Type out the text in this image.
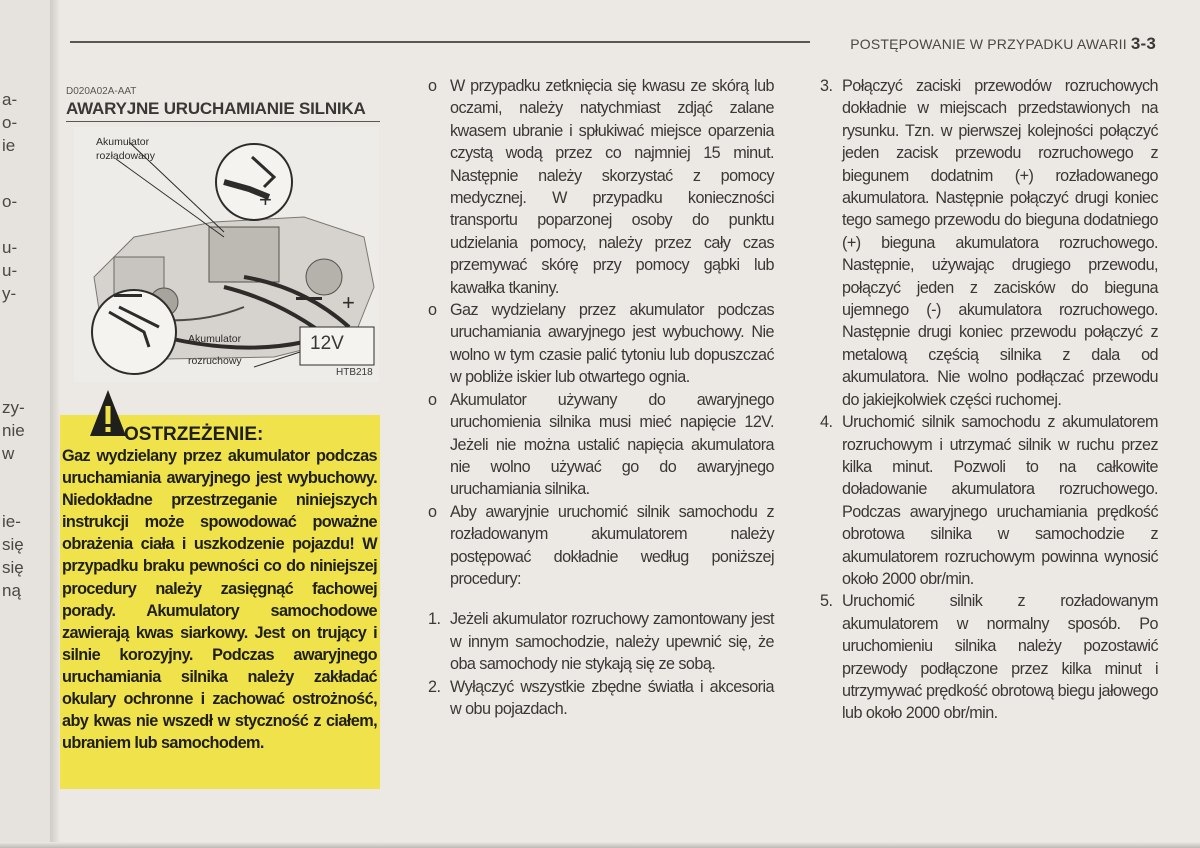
a-
o-
ie
o-
u-
u-
y-
zy-
nie
w
ie-
się
się
ną
POSTĘPOWANIE W PRZYPADKU AWARII 3-3
D020A02A-AAT
AWARYJNE URUCHAMIANIE SILNIKA
+
+
Akumulator
rozładowany
Akumulator
rozruchowy
12V
HTB218
OSTRZEŻENIE:
Gaz wydzielany przez akumulator podczas uruchamiania awaryjnego jest wybuchowy. Niedokładne przestrzeganie niniejszych instrukcji może spowodować poważne obrażenia ciała i uszkodzenie pojazdu! W przypadku braku pewności co do niniejszej procedury należy zasięgnąć fachowej porady. Akumulatory samochodowe zawierają kwas siarkowy. Jest on trujący i silnie korozyjny. Podczas awaryjnego uruchamiania silnika należy zakładać okulary ochronne i zachować ostrożność, aby kwas nie wszedł w styczność z ciałem, ubraniem lub samochodem.
o W przypadku zetknięcia się kwasu ze skórą lub oczami, należy natychmiast zdjąć zalane kwasem ubranie i spłukiwać miejsce oparzenia czystą wodą przez co najmniej 15 minut. Następnie należy skorzystać z pomocy medycznej. W przypadku konieczności transportu poparzonej osoby do punktu udzielania pomocy, należy przez cały czas przemywać skórę przy pomocy gąbki lub kawałka tkaniny.
o Gaz wydzielany przez akumulator podczas uruchamiania awaryjnego jest wybuchowy. Nie wolno w tym czasie palić tytoniu lub dopuszczać w pobliże iskier lub otwartego ognia.
o Akumulator używany do awaryjnego uruchomienia silnika musi mieć napięcie 12V. Jeżeli nie można ustalić napięcia akumulatora nie wolno używać go do awaryjnego uruchamiania silnika.
o Aby awaryjnie uruchomić silnik samochodu z rozładowanym akumulatorem należy postępować dokładnie według poniższej procedury:
1. Jeżeli akumulator rozruchowy zamontowany jest w innym samochodzie, należy upewnić się, że oba samochody nie stykają się ze sobą.
2. Wyłączyć wszystkie zbędne światła i akcesoria w obu pojazdach.
3. Połączyć zaciski przewodów rozruchowych dokładnie w miejscach przedstawionych na rysunku. Tzn. w pierwszej kolejności połączyć jeden zacisk przewodu rozruchowego z biegunem dodatnim (+) rozładowanego akumulatora. Następnie połączyć drugi koniec tego samego przewodu do bieguna dodatniego (+) bieguna akumulatora rozruchowego. Następnie, używając drugiego przewodu, połączyć jeden z zacisków do bieguna ujemnego (-) akumulatora rozruchowego. Następnie drugi koniec przewodu połączyć z metalową częścią silnika z dala od akumulatora. Nie wolno podłączać przewodu do jakiejkolwiek części ruchomej.
4. Uruchomić silnik samochodu z akumulatorem rozruchowym i utrzymać silnik w ruchu przez kilka minut. Pozwoli to na całkowite doładowanie akumulatora rozruchowego. Podczas awaryjnego uruchamiania prędkość obrotowa silnika w samochodzie z akumulatorem rozruchowym powinna wynosić około 2000 obr/min.
5. Uruchomić silnik z rozładowanym akumulatorem w normalny sposób. Po uruchomieniu silnika należy pozostawić przewody podłączone przez kilka minut i utrzymywać prędkość obrotową biegu jałowego lub około 2000 obr/min.
